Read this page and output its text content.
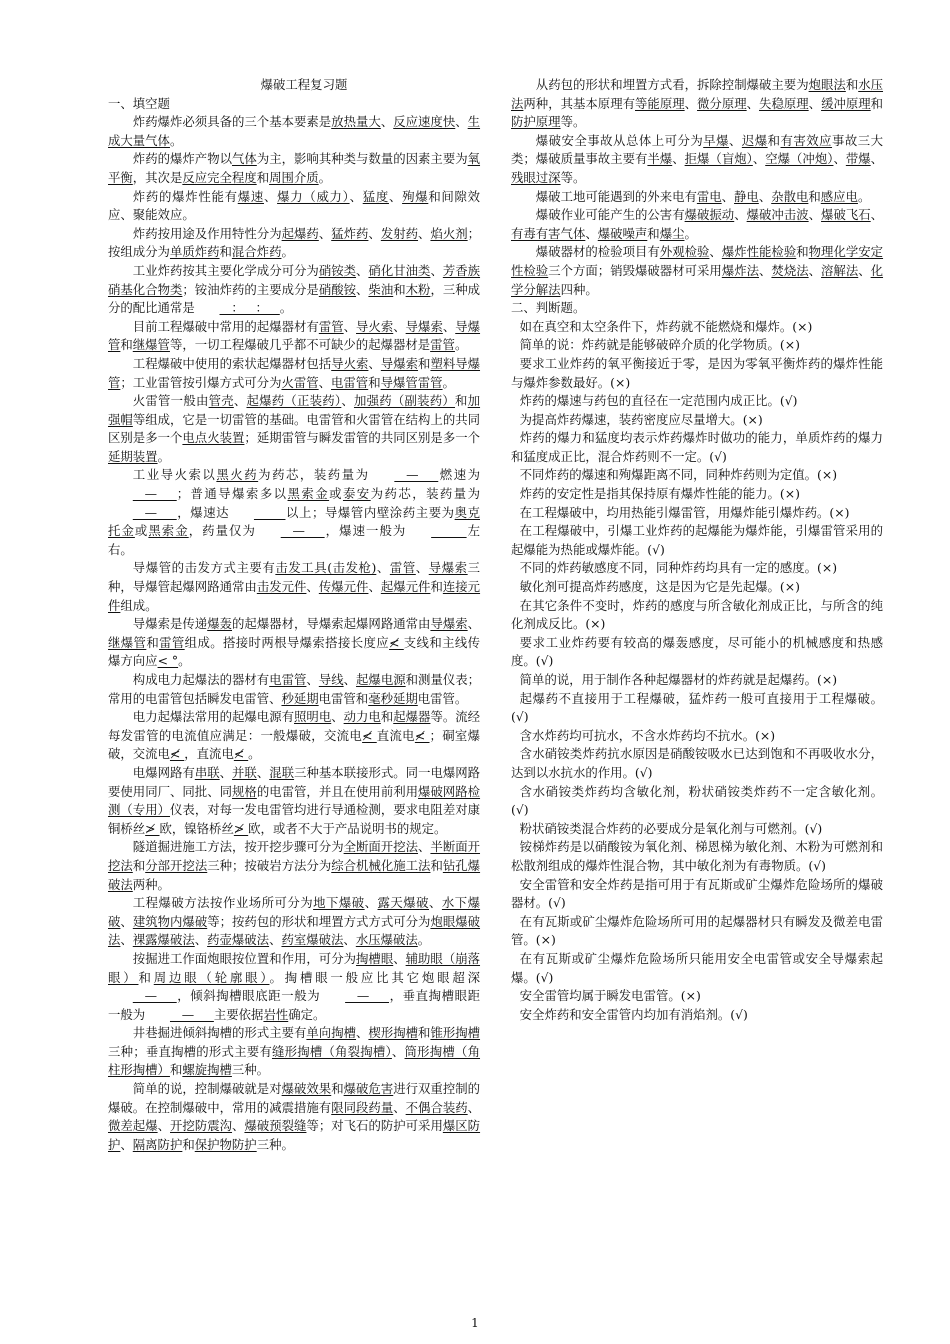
爆破工程复习题

一、填空题

炸药爆炸必须具备的三个基本要素是放热量大、反应速度快、生成大量气体。

炸药的爆炸产物以气体为主，影响其种类与数量的因素主要为氧平衡，其次是反应完全程度和周围介质。

炸药的爆炸性能有爆速、爆力（威力）、猛度、殉爆和间隙效应、聚能效应。

炸药按用途及作用特性分为起爆药、猛炸药、发射药、焰火剂；按组成分为单质炸药和混合炸药。

工业炸药按其主要化学成分可分为硝铵类、硝化甘油类、芳香族硝基化合物类；铵油炸药的主要成分是硝酸铵、柴油和木粉，三种成分的配比通常是   ：   ：   。

目前工程爆破中常用的起爆器材有雷管、导火索、导爆索、导爆管和继爆管等，一切工程爆破几乎都不可缺少的起爆器材是雷管。

工程爆破中使用的索状起爆器材包括导火索、导爆索和塑料导爆管；工业雷管按引爆方式可分为火雷管、电雷管和导爆管雷管。

火雷管一般由管壳、起爆药（正装药）、加强药（副装药）和加强帽等组成，它是一切雷管的基础。电雷管和火雷管在结构上的共同区别是多一个电点火装置；延期雷管与瞬发雷管的共同区别是多一个延期装置。

工业导火索以黑火药为药芯，装药量为   —     燃速为   —     ；普通导爆索多以黑索金或泰安为药芯，装药量为   —     ，爆速达	以上；导爆管内壁涂药主要为奥克托金或黑索金，药量仅为   —     ，爆速一般为	左右。

导爆管的击发方式主要有击发工具(击发枪)、雷管、导爆索三种，导爆管起爆网路通常由击发元件、传爆元件、起爆元件和连接元件组成。

导爆索是传递爆轰的起爆器材，导爆索起爆网路通常由导爆索、继爆管和雷管组成。搭接时两根导爆索搭接长度应≮ 支线和主线传爆方向应< °。

构成电力起爆法的器材有电雷管、导线、起爆电源和测量仪表；常用的电雷管包括瞬发电雷管、秒延期电雷管和毫秒延期电雷管。

电力起爆法常用的起爆电源有照明电、动力电和起爆器等。流经每发雷管的电流值应满足：一般爆破，交流电≮ 直流电≮ ；硐室爆破，交流电≮ ，直流电≮ 。

电爆网路有串联、并联、混联三种基本联接形式。同一电爆网路要使用同厂、同批、同规格的电雷管，并且在使用前利用爆破网路检测（专用）仪表，对每一发电雷管均进行导通检测，要求电阻差对康铜桥丝≯ 欧，镍铬桥丝≯ 欧，或者不大于产品说明书的规定。

隧道掘进施工方法，按开挖步骤可分为全断面开挖法、半断面开挖法和分部开挖法三种；按破岩方法分为综合机械化施工法和钻孔爆破法两种。

工程爆破方法按作业场所可分为地下爆破、露天爆破、水下爆破、建筑物内爆破等；按药包的形状和埋置方式方式可分为炮眼爆破法、裸露爆破法、药壶爆破法、药室爆破法、水压爆破法。

按掘进工作面炮眼按位置和作用，可分为掏槽眼、辅助眼（崩落眼）和周边眼（轮廓眼）。掏槽眼一般应比其它炮眼超深   —     ，倾斜掏槽眼底距一般为   —     ，垂直掏槽眼距一般为   —     主要依据岩性确定。

井巷掘进倾斜掏槽的形式主要有单向掏槽、楔形掏槽和锥形掏槽三种；垂直掏槽的形式主要有缝形掏槽（角裂掏槽）、筒形掏槽（角柱形掏槽）和螺旋掏槽三种。

简单的说，控制爆破就是对爆破效果和爆破危害进行双重控制的爆破。在控制爆破中，常用的减震措施有限同段药量、不偶合装药、微差起爆、开挖防震沟、爆破预裂缝等；对飞石的防护可采用爆区防护、隔离防护和保护物防护三种。

从药包的形状和埋置方式看，拆除控制爆破主要为炮眼法和水压法两种，其基本原理有等能原理、微分原理、失稳原理、缓冲原理和防护原理等。

爆破安全事故从总体上可分为早爆、迟爆和有害效应事故三大类；爆破质量事故主要有半爆、拒爆（盲炮）、空爆（冲炮）、带爆、残眼过深等。

爆破工地可能遇到的外来电有雷电、静电、杂散电和感应电。

爆破作业可能产生的公害有爆破振动、爆破冲击波、爆破飞石、有毒有害气体、爆破噪声和爆尘。

爆破器材的检验项目有外观检验、爆炸性能检验和物理化学安定性检验三个方面；销毁爆破器材可采用爆炸法、焚烧法、溶解法、化学分解法四种。

二、判断题。

如在真空和太空条件下，炸药就不能燃烧和爆炸。(×)

简单的说：炸药就是能够破碎介质的化学物质。(×)

要求工业炸药的氧平衡接近于零，是因为零氧平衡炸药的爆炸性能与爆炸参数最好。(×)

炸药的爆速与药包的直径在一定范围内成正比。(√)

为提高炸药爆速，装药密度应尽量增大。(×)

炸药的爆力和猛度均表示炸药爆炸时做功的能力，单质炸药的爆力和猛度成正比，混合炸药则不一定。(√)

不同炸药的爆速和殉爆距离不同，同种炸药则为定值。(×)

炸药的安定性是指其保持原有爆炸性能的能力。(×)

在工程爆破中，均用热能引爆雷管，用爆炸能引爆炸药。(×)

在工程爆破中，引爆工业炸药的起爆能为爆炸能，引爆雷管采用的起爆能为热能或爆炸能。(√)

不同的炸药敏感度不同，同种炸药均具有一定的感度。(×)

敏化剂可提高炸药感度，这是因为它是先起爆。(×)

在其它条件不变时，炸药的感度与所含敏化剂成正比，与所含的纯化剂成反比。(×)

要求工业炸药要有较高的爆轰感度，尽可能小的机械感度和热感度。(√)

简单的说，用于制作各种起爆器材的炸药就是起爆药。(×)

起爆药不直接用于工程爆破，猛炸药一般可直接用于工程爆破。(√)

含水炸药均可抗水，不含水炸药均不抗水。(×)

含水硝铵类炸药抗水原因是硝酸铵吸水已达到饱和不再吸收水分，达到以水抗水的作用。(√)

含水硝铵类炸药均含敏化剂，粉状硝铵类炸药不一定含敏化剂。(√)

粉状硝铵类混合炸药的必要成分是氧化剂与可燃剂。(√)

铵梯炸药是以硝酸铵为氧化剂、梯恩梯为敏化剂、木粉为可燃剂和松散剂组成的爆炸性混合物，其中敏化剂为有毒物质。(√)

安全雷管和安全炸药是指可用于有瓦斯或矿尘爆炸危险场所的爆破器材。(√)

在有瓦斯或矿尘爆炸危险场所可用的起爆器材只有瞬发及微差电雷管。(×)

在有瓦斯或矿尘爆炸危险场所只能用安全电雷管或安全导爆索起爆。(√)

安全雷管均属于瞬发电雷管。(×)

安全炸药和安全雷管内均加有消焰剂。(√)

1
